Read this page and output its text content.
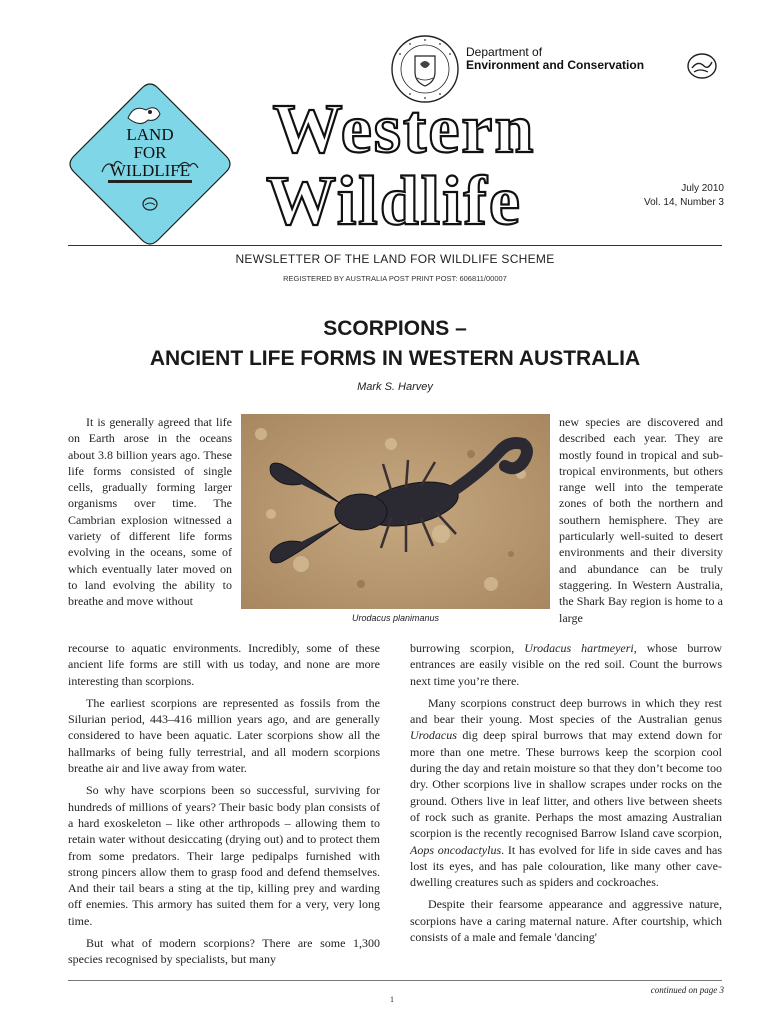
Department of
Environment and Conservation
LAND
FOR
WILDLIFE
Western
Wildlife	July 2010
Vol. 14, Number 3
NEWSLETTER OF THE LAND FOR WILDLIFE SCHEME
REGISTERED BY AUSTRALIA POST PRINT POST: 606811/00007
SCORPIONS –
ANCIENT LIFE FORMS IN WESTERN AUSTRALIA
Mark S. Harvey

It is generally agreed that life on Earth arose in the oceans about 3.8 billion years ago. These life forms consisted of single cells, gradually forming larger organisms over time. The Cambrian explosion witnessed a variety of different life forms evolving in the oceans, some of which eventually later moved on to land evolving the ability to breathe and move without

Urodacus planimanus

new species are discovered and described each year. They are mostly found in tropical and sub-tropical environments, but others range well into the temperate zones of both the northern and southern hemisphere. They are particularly well-suited to desert environments and their diversity and abundance can be truly staggering. In Western Australia, the Shark Bay region is home to a large

recourse to aquatic environments. Incredibly, some of these ancient life forms are still with us today, and none are more interesting than scorpions.

The earliest scorpions are represented as fossils from the Silurian period, 443–416 million years ago, and are generally considered to have been aquatic. Later scorpions show all the hallmarks of being fully terrestrial, and all modern scorpions breathe air and live away from water.

So why have scorpions been so successful, surviving for hundreds of millions of years? Their basic body plan consists of a hard exoskeleton – like other arthropods – allowing them to retain water without desiccating (drying out) and to protect them from some predators. Their large pedipalps furnished with strong pincers allow them to grasp food and defend themselves. And their tail bears a sting at the tip, killing prey and warding off enemies. This armory has suited them for a very, very long time.

But what of modern scorpions? There are some 1,300 species recognised by specialists, but many

burrowing scorpion, Urodacus hartmeyeri, whose burrow entrances are easily visible on the red soil. Count the burrows next time you’re there.

Many scorpions construct deep burrows in which they rest and bear their young. Most species of the Australian genus Urodacus dig deep spiral burrows that may extend down for more than one metre. These burrows keep the scorpion cool during the day and retain moisture so that they don’t become too dry. Other scorpions live in shallow scrapes under rocks on the ground. Others live in leaf litter, and others live between sheets of rock such as granite. Perhaps the most amazing Australian scorpion is the recently recognised Barrow Island cave scorpion, Aops oncodactylus. It has evolved for life in side caves and has lost its eyes, and has pale colouration, like many other cave-dwelling creatures such as spiders and cockroaches.

Despite their fearsome appearance and aggressive nature, scorpions have a caring maternal nature. After courtship, which consists of a male and female 'dancing'

continued on page 3
1
